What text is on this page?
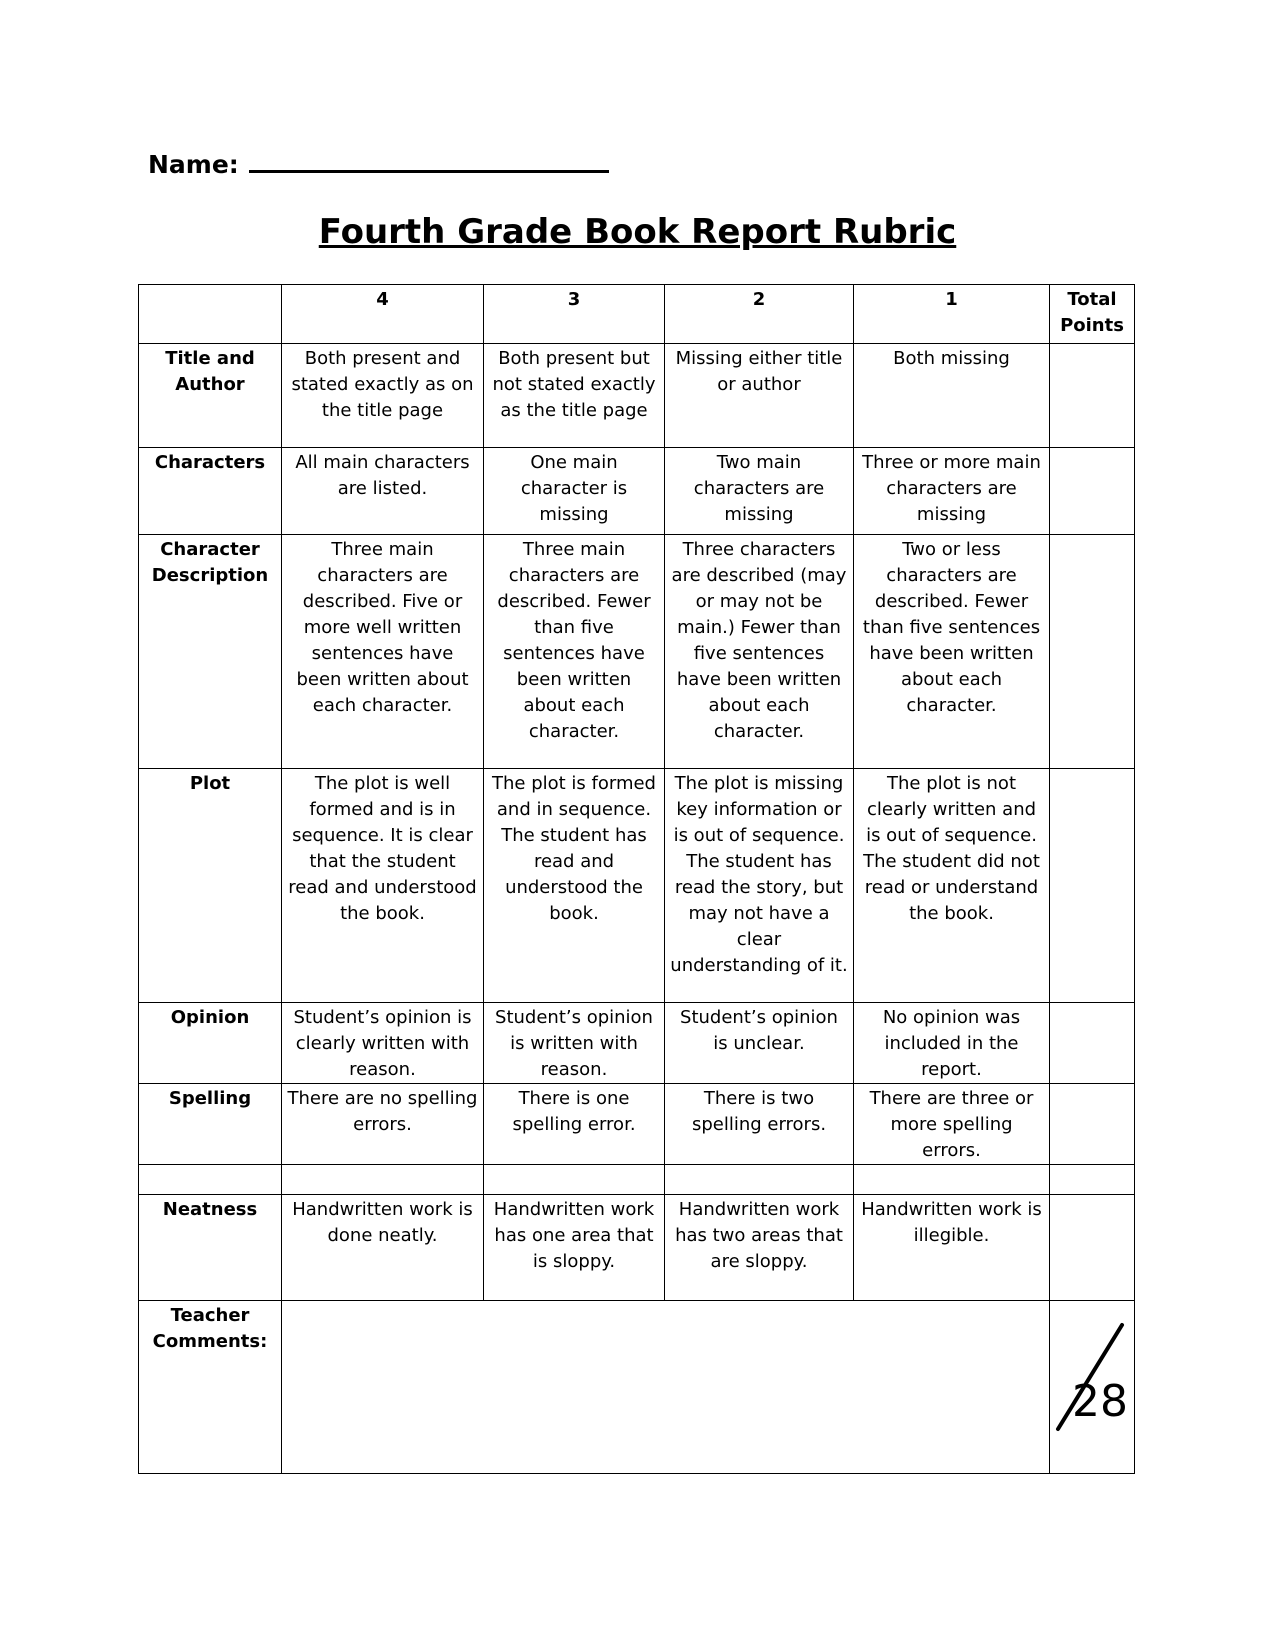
Name:
Fourth Grade Book Report Rubric
	4	3	2	1	Total Points
Title and Author	Both present and stated exactly as on the title page	Both present but not stated exactly as the title page	Missing either title or author	Both missing	
Characters	All main characters are listed.	One main character is missing	Two main characters are missing	Three or more main characters are missing	
Character Description	Three main characters are described. Five or more well written sentences have been written about each character.	Three main characters are described. Fewer than five sentences have been written about each character.	Three characters are described (may or may not be main.) Fewer than five sentences have been written about each character.	Two or less characters are described. Fewer than five sentences have been written about each character.	
Plot	The plot is well formed and is in sequence. It is clear that the student read and understood the book.	The plot is formed and in sequence. The student has read and understood the book.	The plot is missing key information or is out of sequence. The student has read the story, but may not have a clear understanding of it.	The plot is not clearly written and is out of sequence. The student did not read or understand the book.	
Opinion	Student’s opinion is clearly written with reason.	Student’s opinion is written with reason.	Student’s opinion is unclear.	No opinion was included in the report.	
Spelling	There are no spelling errors.	There is one spelling error.	There is two spelling errors.	There are three or more spelling errors.	

Neatness	Handwritten work is done neatly.	Handwritten work has one area that is sloppy.	Handwritten work has two areas that are sloppy.	Handwritten work is illegible.	
Teacher Comments:					28
